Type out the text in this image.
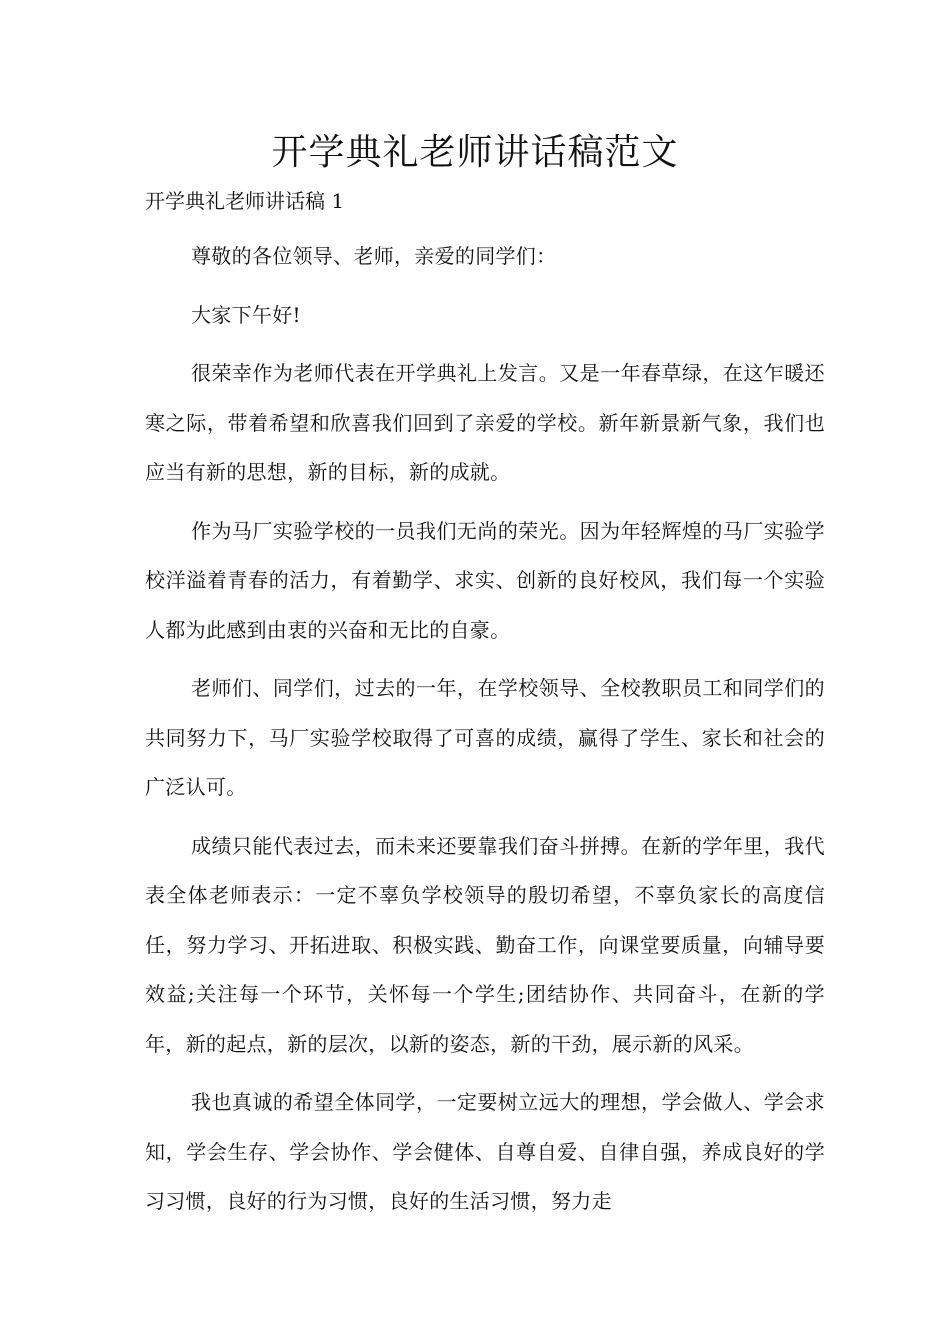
开学典礼老师讲话稿范文

开学典礼老师讲话稿 1

尊敬的各位领导、老师，亲爱的同学们：

大家下午好!

很荣幸作为老师代表在开学典礼上发言。又是一年春草绿，在这乍暖还寒之际，带着希望和欣喜我们回到了亲爱的学校。新年新景新气象，我们也应当有新的思想，新的目标，新的成就。

作为马厂实验学校的一员我们无尚的荣光。因为年轻辉煌的马厂实验学校洋溢着青春的活力，有着勤学、求实、创新的良好校风，我们每一个实验人都为此感到由衷的兴奋和无比的自豪。

老师们、同学们，过去的一年，在学校领导、全校教职员工和同学们的共同努力下，马厂实验学校取得了可喜的成绩，赢得了学生、家长和社会的广泛认可。

成绩只能代表过去，而未来还要靠我们奋斗拼搏。在新的学年里，我代表全体老师表示：一定不辜负学校领导的殷切希望，不辜负家长的高度信任，努力学习、开拓进取、积极实践、勤奋工作，向课堂要质量，向辅导要效益;关注每一个环节，关怀每一个学生;团结协作、共同奋斗，在新的学年，新的起点，新的层次，以新的姿态，新的干劲，展示新的风采。

我也真诚的希望全体同学，一定要树立远大的理想，学会做人、学会求知，学会生存、学会协作、学会健体、自尊自爱、自律自强，养成良好的学习习惯，良好的行为习惯，良好的生活习惯，努力走
